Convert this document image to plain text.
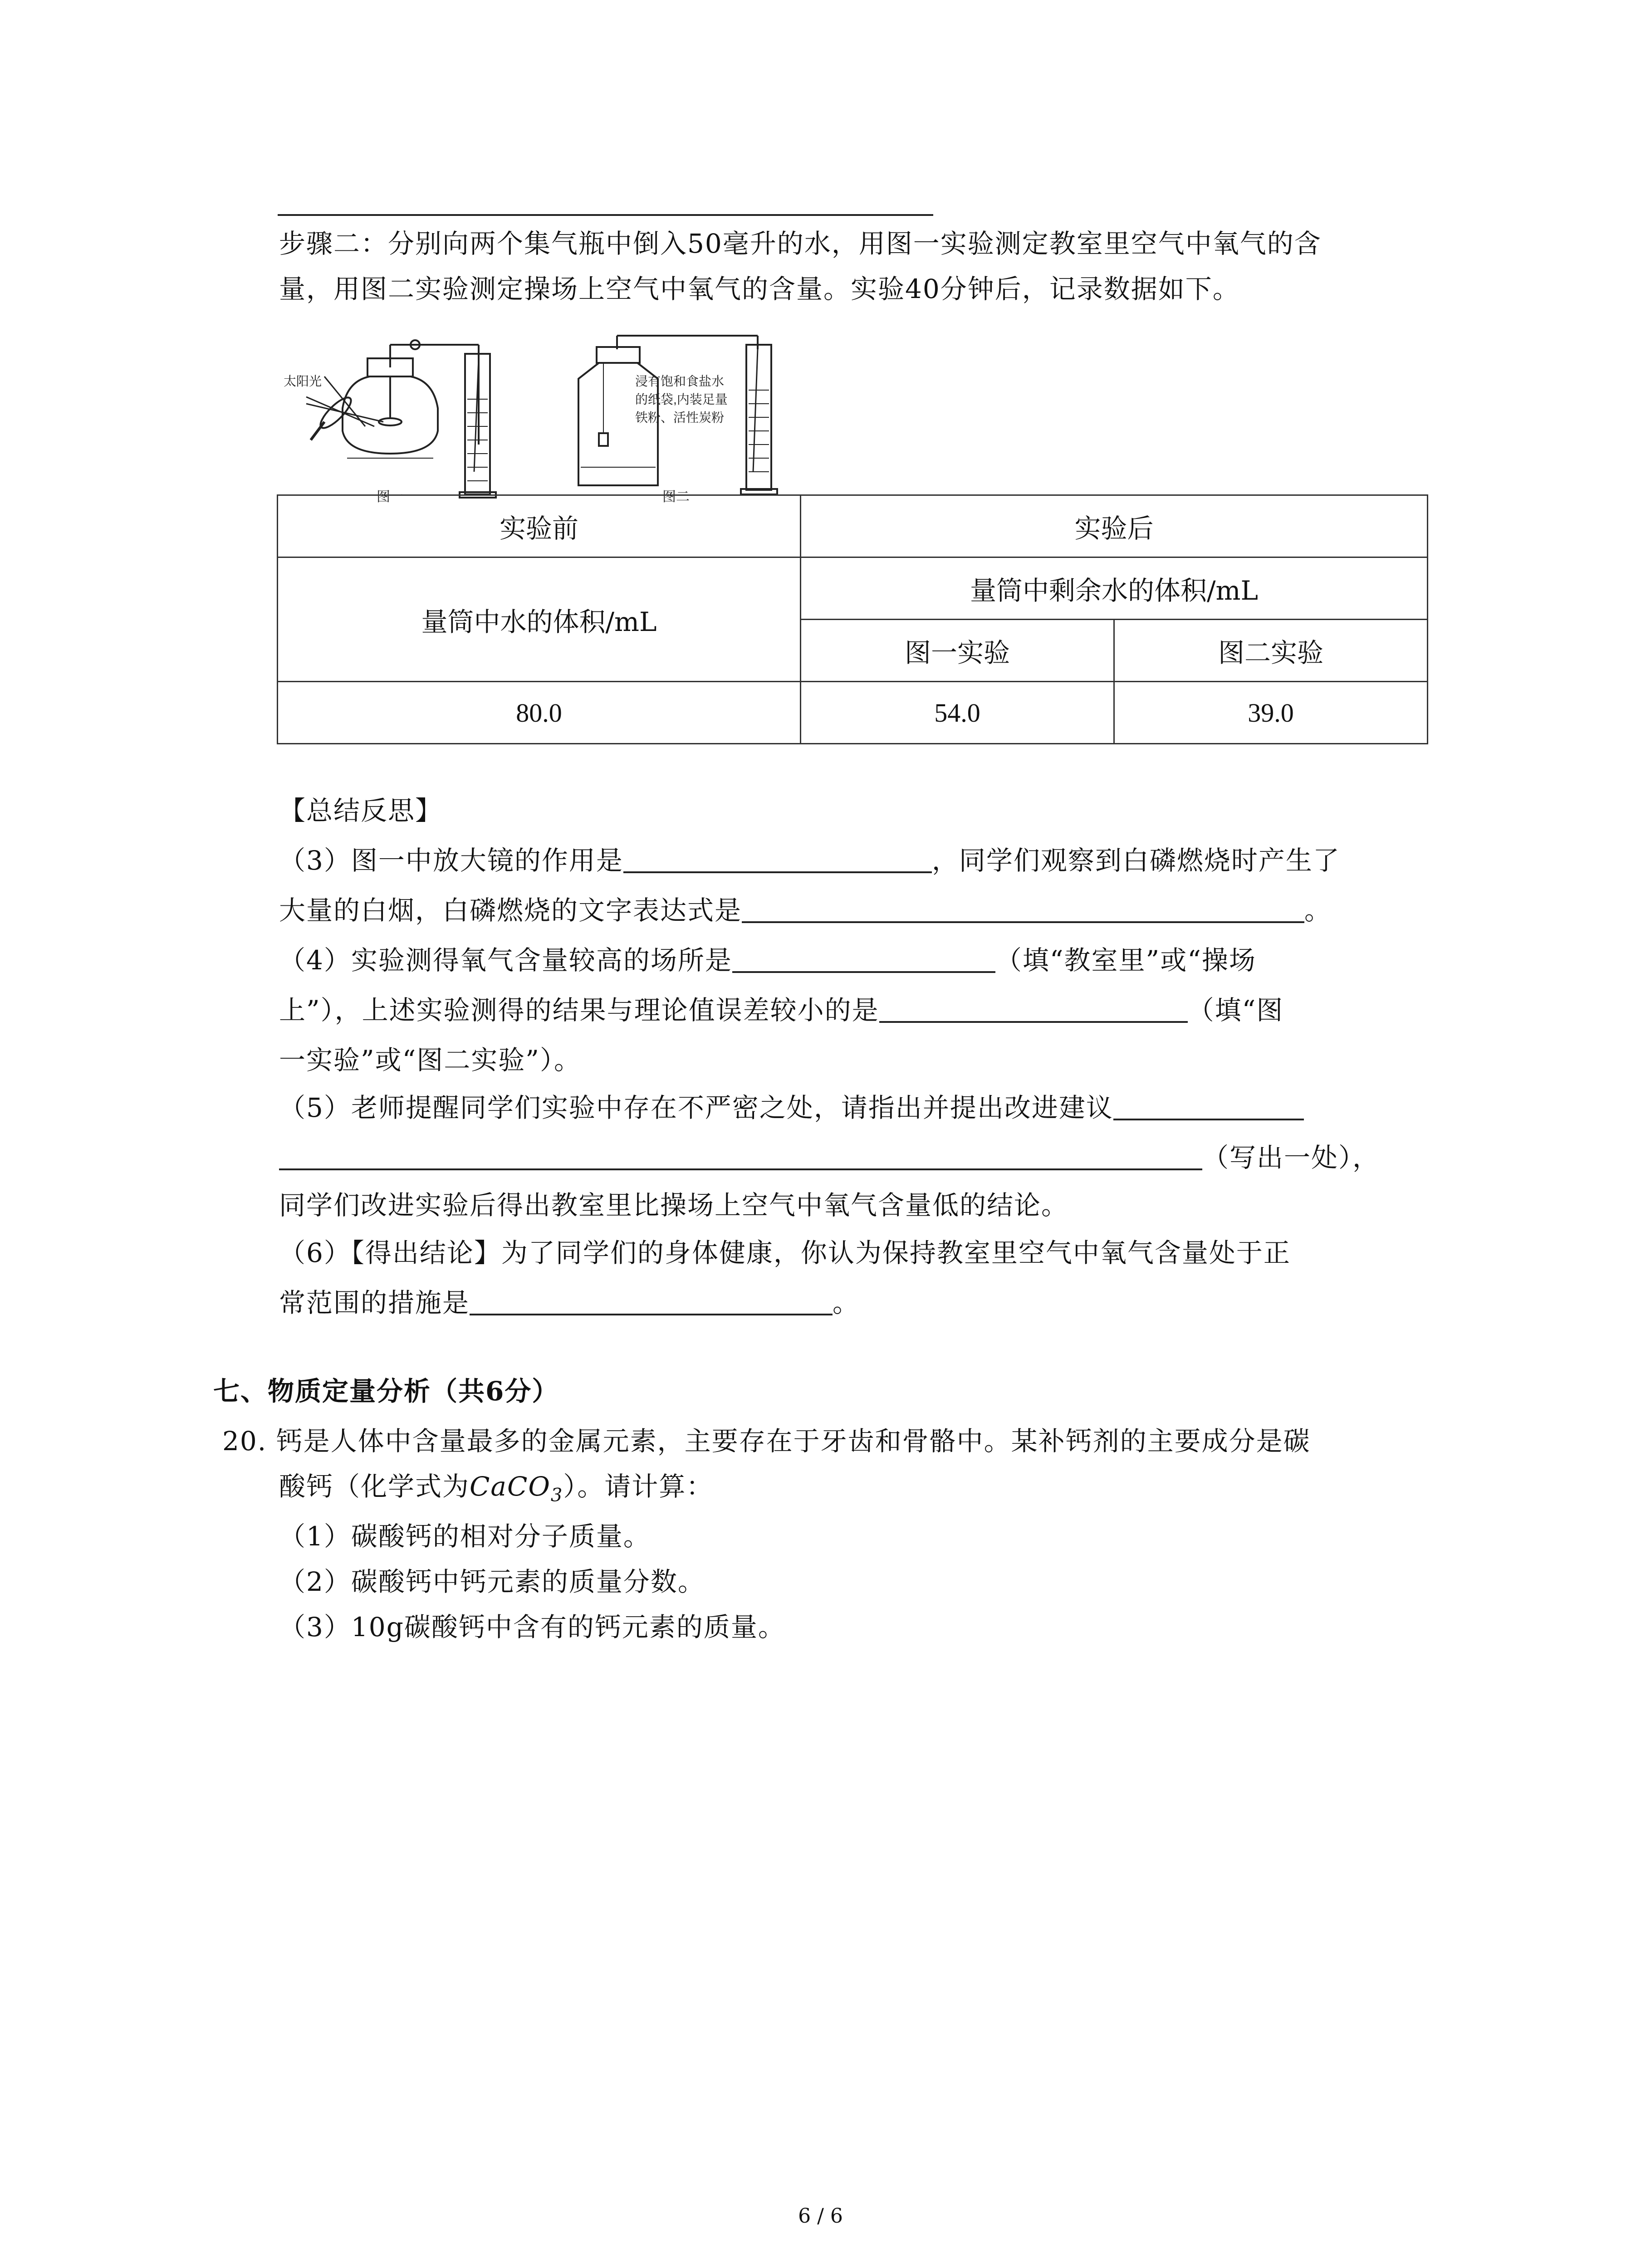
步骤二：分别向两个集气瓶中倒入50毫升的水，用图一实验测定教室里空气中氧气的含
量，用图二实验测定操场上空气中氧气的含量。实验40分钟后，记录数据如下。
太阳光
图一
浸有饱和食盐水
的纸袋,内装足量
铁粉、活性炭粉
图二
实验前	实验后	
量筒中水的体积/mL	量筒中剩余水的体积/mL	
	图一实验	图二实验
80.0	54.0	39.0
【总结反思】
（3）图一中放大镜的作用是	，同学们观察到白磷燃烧时产生了
大量的白烟，白磷燃烧的文字表达式是	。
（4）实验测得氧气含量较高的场所是	（填“教室里”或“操场
上”），上述实验测得的结果与理论值误差较小的是	（填“图
一实验”或“图二实验”）。
（5）老师提醒同学们实验中存在不严密之处，请指出并提出改进建议
（写出一处），
同学们改进实验后得出教室里比操场上空气中氧气含量低的结论。
（6）【得出结论】为了同学们的身体健康，你认为保持教室里空气中氧气含量处于正
常范围的措施是	。
七、物质定量分析（共6分）
20. 钙是人体中含量最多的金属元素，主要存在于牙齿和骨骼中。某补钙剂的主要成分是碳
酸钙（化学式为CaCO$_3$）。请计算：
（1）碳酸钙的相对分子质量。
（2）碳酸钙中钙元素的质量分数。
（3）10g碳酸钙中含有的钙元素的质量。
6 / 6
